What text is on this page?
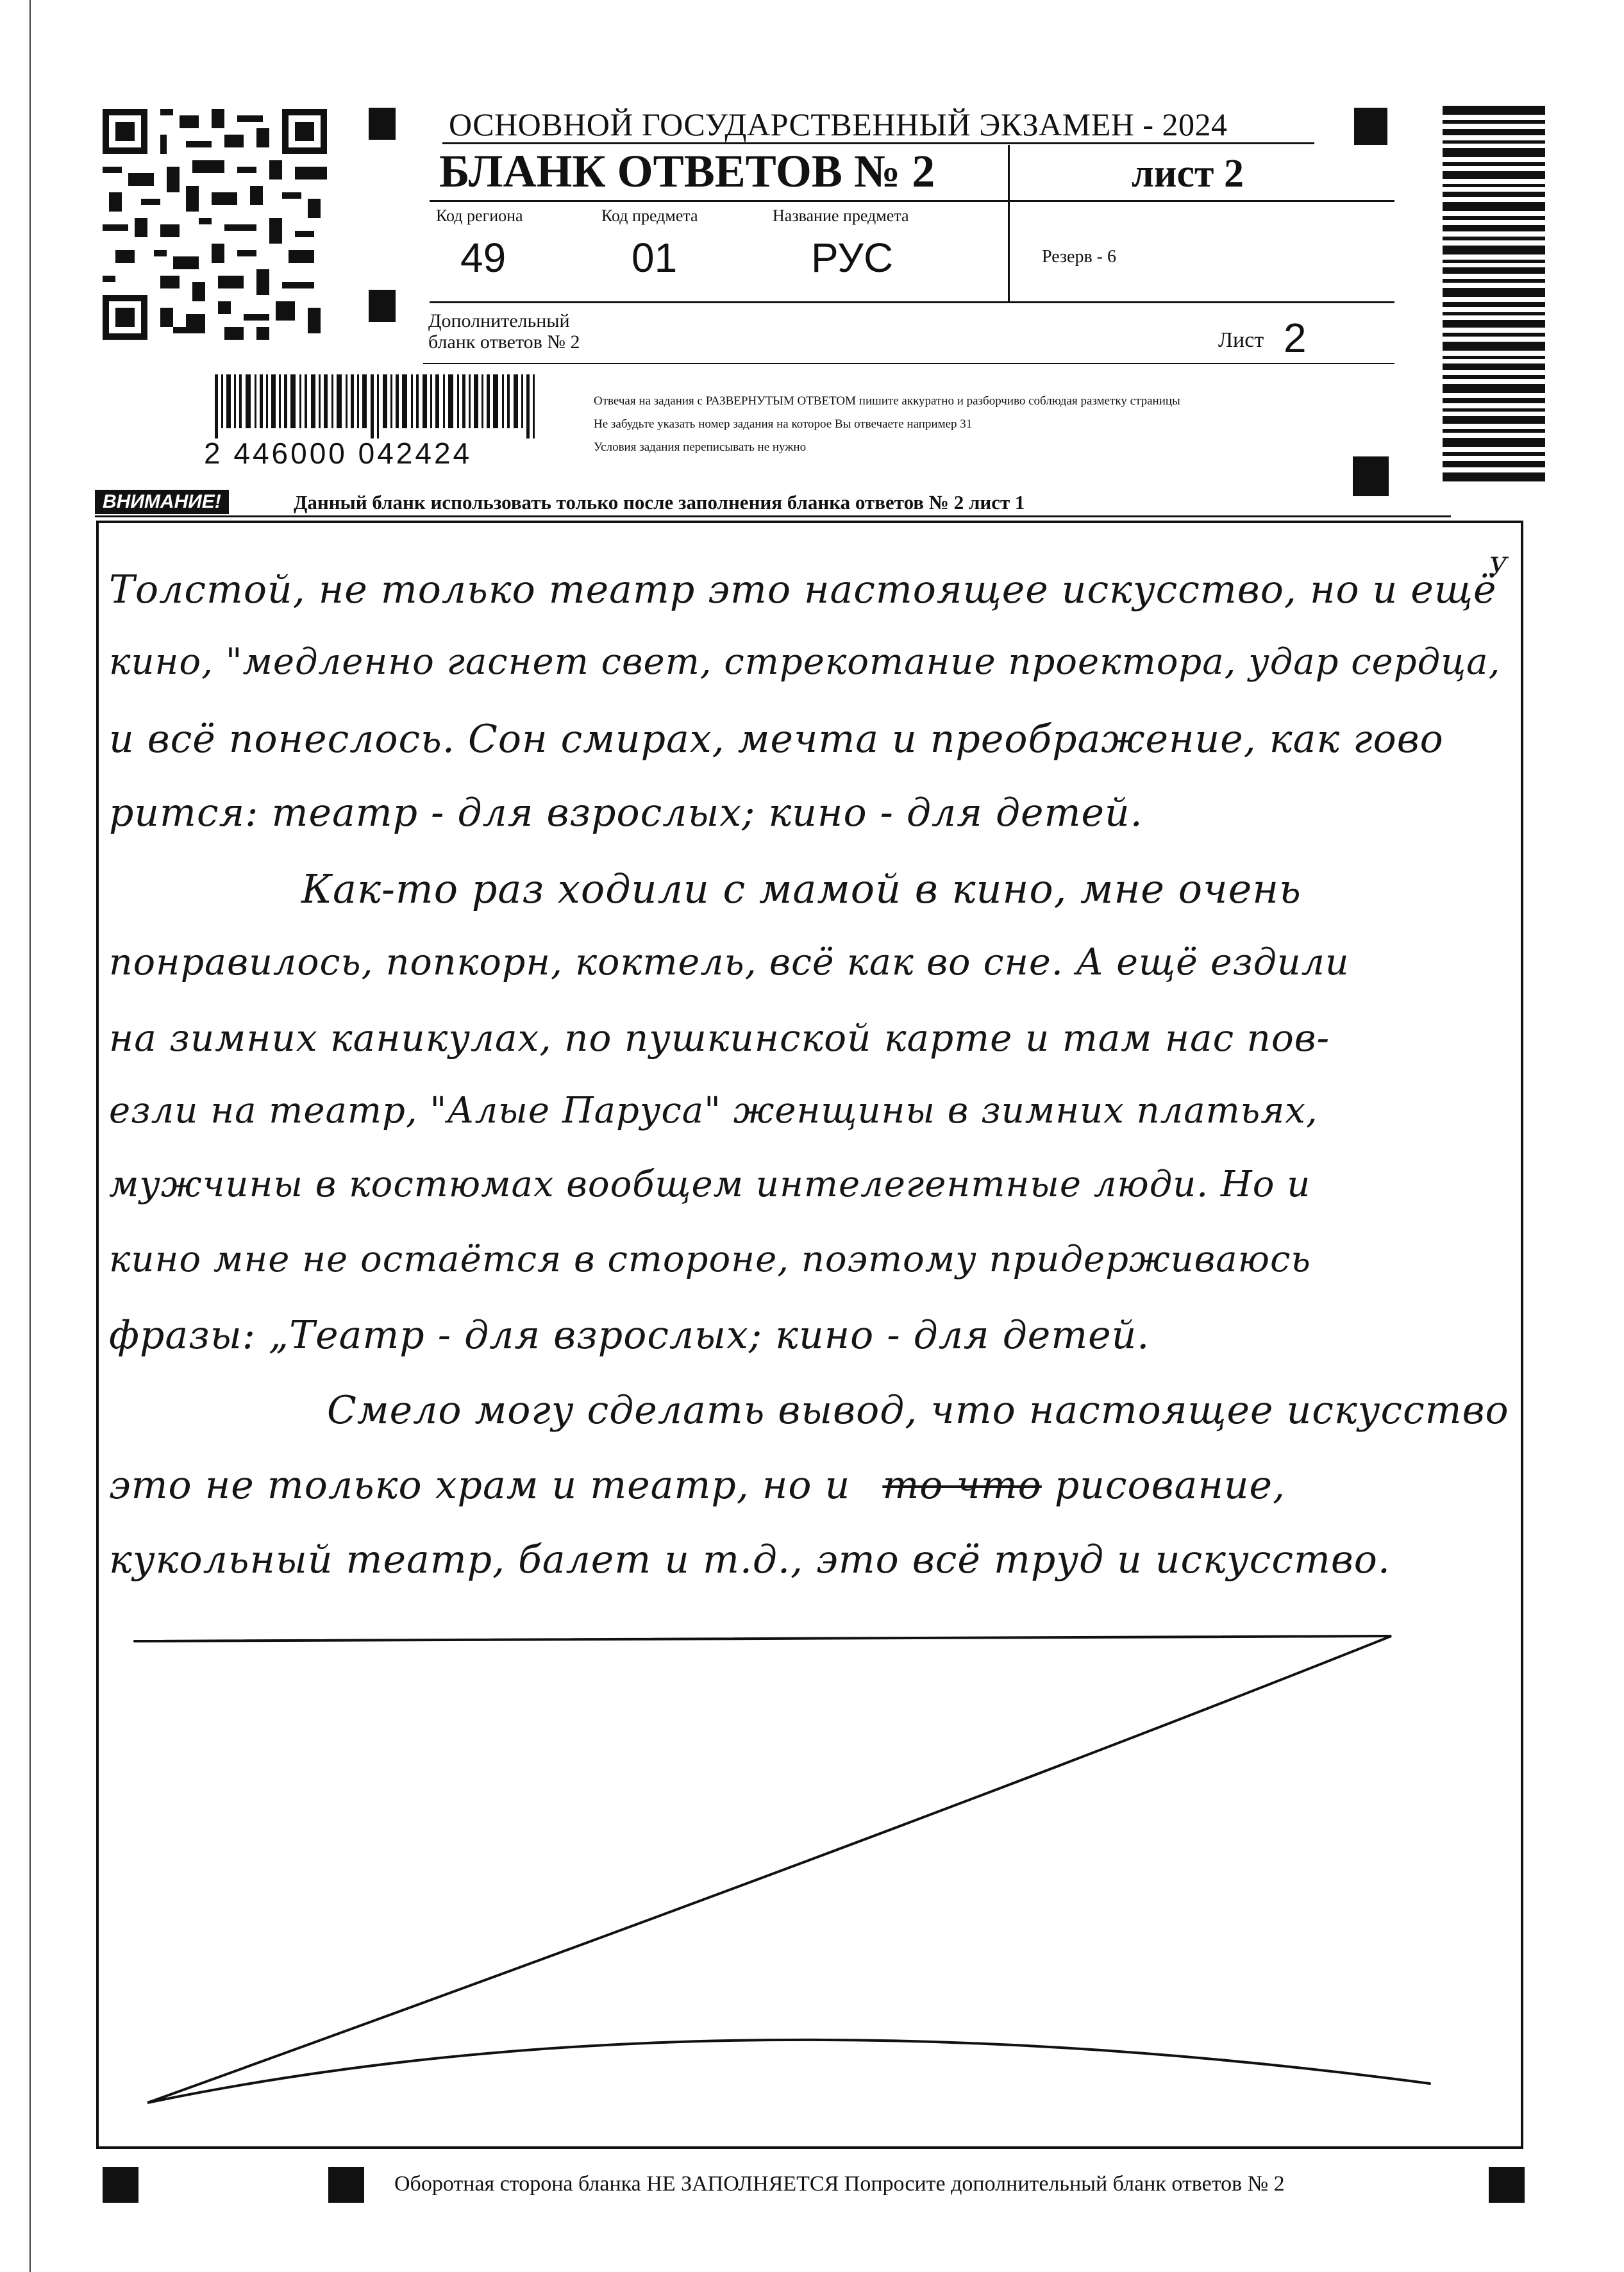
ОСНОВНОЙ ГОСУДАРСТВЕННЫЙ ЭКЗАМЕН - 2024
БЛАНК ОТВЕТОВ № 2	лист 2
Код региона	Код предмета	Название предмета
49	01	РУС	Резерв - 6
Дополнительный
бланк ответов № 2	Лист 2
2 446000 042424
Отвечая на задания с РАЗВЕРНУТЫМ ОТВЕТОМ пишите аккуратно и разборчиво соблюдая разметку страницы
Не забудьте указать номер задания на которое Вы отвечаете например 31
Условия задания переписывать не нужно
ВНИМАНИЕ!	Данный бланк использовать только после заполнения бланка ответов № 2 лист 1
Толстой, не только театр это настоящее искусство, но и ещё
У
кино, "медленно гаснет свет, стрекотание проектора, удар сердца,
и всё понеслось. Сон смирах, мечта и преображение, как гово
рится: театр - для взрослых; кино - для детей.
Как-то раз ходили с мамой в кино, мне очень
понравилось, попкорн, коктель, всё как во сне. А ещё ездили
на зимних каникулах, по пушкинской карте и там нас пов-
езли на театр, "Алые Паруса" женщины в зимних платьях,
мужчины в костюмах вообщем интелегентные люди. Но и
кино мне не остаётся в стороне, поэтому придерживаюсь
фразы: „Театр - для взрослых; кино - для детей.
Смело могу сделать вывод, что настоящее искусство
это не только храм и театр, но и то что рисование,
кукольный театр, балет и т.д., это всё труд и искусство.
Оборотная сторона бланка НЕ ЗАПОЛНЯЕТСЯ Попросите дополнительный бланк ответов № 2
